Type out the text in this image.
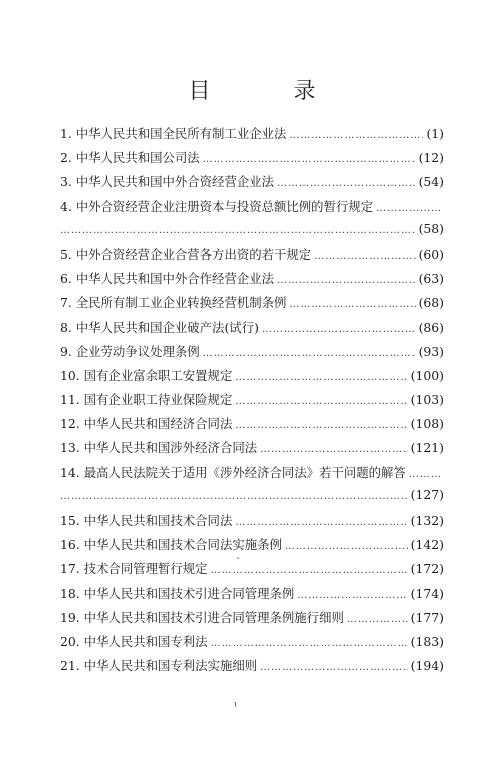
目 录
1. 中华人民共和国全民所有制工业企业法 …………………………………………………………………………………………………………………………	(1)
2. 中华人民共和国公司法 …………………………………………………………………………………………………………………………	(12)
3. 中华人民共和国中外合资经营企业法 …………………………………………………………………………………………………………………………	(54)
4. 中外合资经营企业注册资本与投资总额比例的暂行规定
…………………………………………………………………………………………………………………………
…………………………………………………………………………………………………………………………
(58)
5. 中外合资经营企业合营各方出资的若干规定 …………………………………………………………………………………………………………………………	(60)
6. 中华人民共和国中外合作经营企业法 …………………………………………………………………………………………………………………………	(63)
7. 全民所有制工业企业转换经营机制条例 …………………………………………………………………………………………………………………………	(68)
8. 中华人民共和国企业破产法(试行) …………………………………………………………………………………………………………………………	(86)
9. 企业劳动争议处理条例 …………………………………………………………………………………………………………………………	(93)
10. 国有企业富余职工安置规定 …………………………………………………………………………………………………………………………	(100)
11. 国有企业职工待业保险规定 …………………………………………………………………………………………………………………………	(103)
12. 中华人民共和国经济合同法 …………………………………………………………………………………………………………………………	(108)
13. 中华人民共和国涉外经济合同法 …………………………………………………………………………………………………………………………	(121)
14. 最高人民法院关于适用《涉外经济合同法》若干问题的解答
…………………………………………………………………………………………………………………………
…………………………………………………………………………………………………………………………
(127)
15. 中华人民共和国技术合同法 …………………………………………………………………………………………………………………………	(132)
16. 中华人民共和国技术合同法实施条例 …………………………………………………………………………………………………………………………	(142)
17. 技术合同管理暂行规定 …………………………………………………………………………………………………………………………	(172)
18. 中华人民共和国技术引进合同管理条例 …………………………………………………………………………………………………………………………	(174)
19. 中华人民共和国技术引进合同管理条例施行细则 …………………………………………………………………………………………………………………………	(177)
20. 中华人民共和国专利法 …………………………………………………………………………………………………………………………	(183)
21. 中华人民共和国专利法实施细则 …………………………………………………………………………………………………………………………	(194)
ˇ
ɩ
